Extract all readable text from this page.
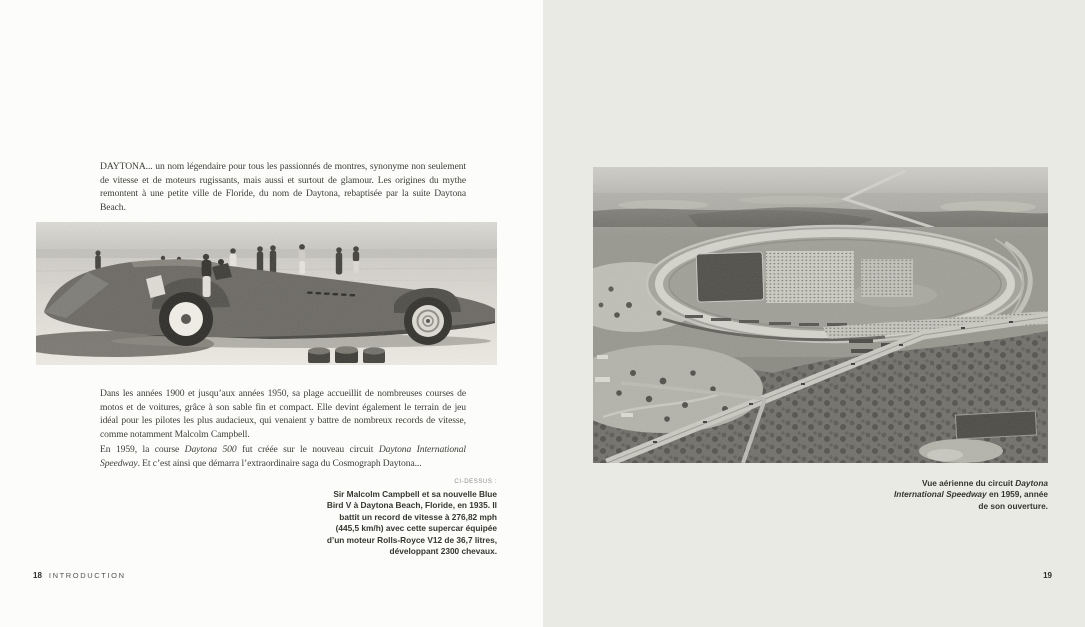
DAYTONA... un nom légendaire pour tous les passionnés de montres, synonyme non seulement de vitesse et de moteurs rugissants, mais aussi et surtout de glamour. Les origines du mythe remontent à une petite ville de Floride, du nom de Daytona, rebaptisée par la suite Daytona Beach.
Dans les années 1900 et jusqu’aux années 1950, sa plage accueillit de nombreuses courses de motos et de voitures, grâce à son sable fin et compact. Elle devint également le terrain de jeu idéal pour les pilotes les plus audacieux, qui venaient y battre de nombreux records de vitesse, comme notamment Malcolm Campbell.
En 1959, la course Daytona 500 fut créée sur le nouveau circuit Daytona International Speedway. Et c’est ainsi que démarra l’extraordinaire saga du Cosmograph Daytona...
CI-DESSUS :
Sir Malcolm Campbell et sa nouvelle Blue Bird V à Daytona Beach, Floride, en 1935. Il battit un record de vitesse à 276,82 mph (445,5 km/h) avec cette supercar équipée d’un moteur Rolls-Royce V12 de 36,7 litres, développant 2300 chevaux.
18 INTRODUCTION
Vue aérienne du circuit Daytona International Speedway en 1959, année de son ouverture.
19
